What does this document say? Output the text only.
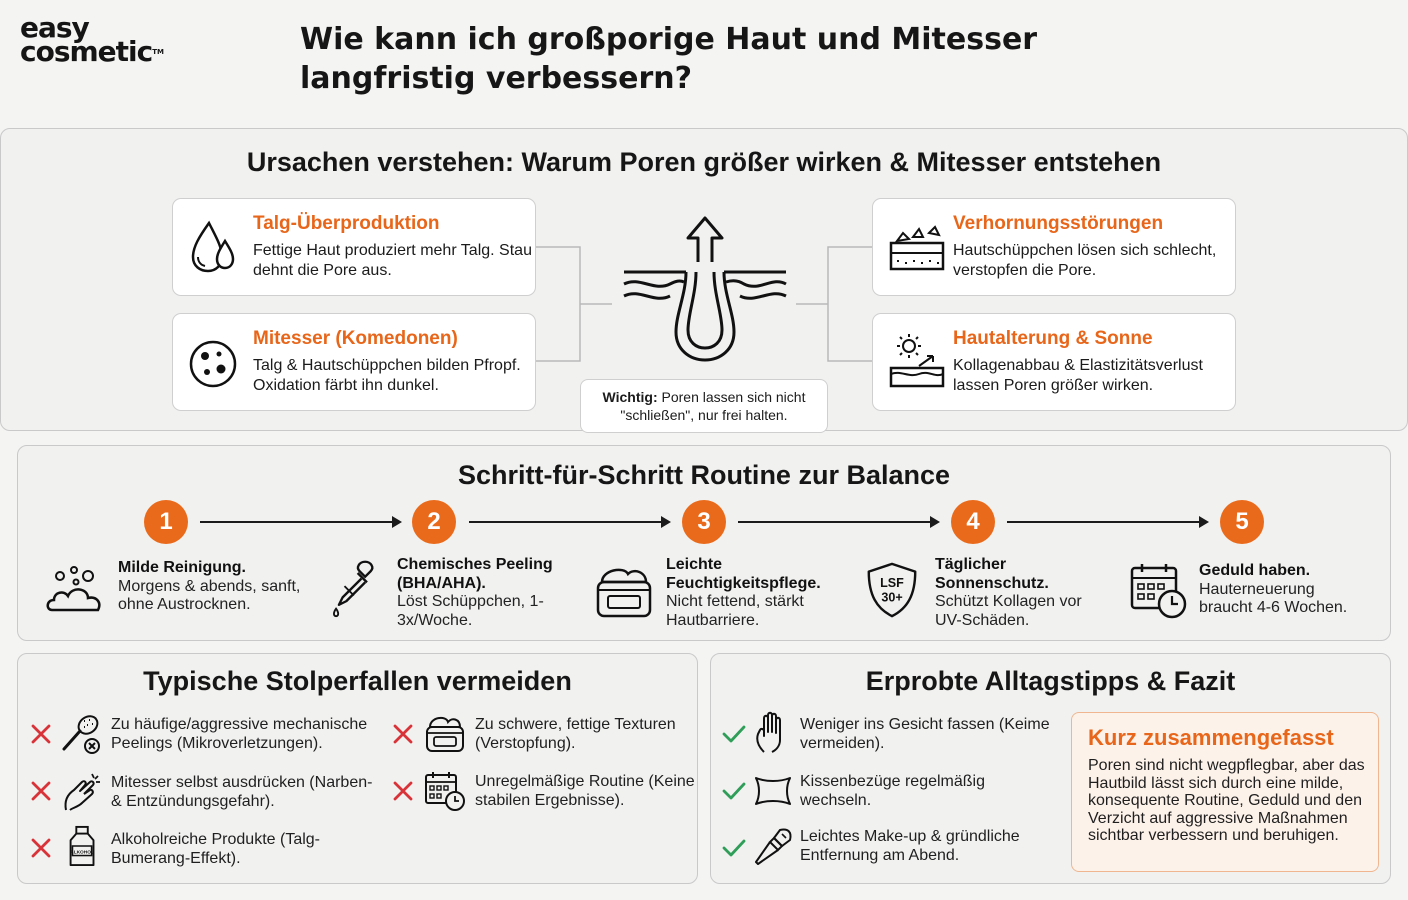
easy
cosmetic™	Wie kann ich großporige Haut und Mitesser langfristig verbessern?
Ursachen verstehen: Warum Poren größer wirken & Mitesser entstehen
Talg-Überproduktion
Fettige Haut produziert mehr Talg. Stau dehnt die Pore aus.
Mitesser (Komedonen)
Talg & Hautschüppchen bilden Pfropf. Oxidation färbt ihn dunkel.
Verhornungsstörungen
Hautschüppchen lösen sich schlecht, verstopfen die Pore.
Hautalterung & Sonne
Kollagenabbau & Elastizitätsverlust lassen Poren größer wirken.
Wichtig: Poren lassen sich nicht "schließen", nur frei halten.
Schritt-für-Schritt Routine zur Balance
1	2	3	4	5
Milde Reinigung.
Morgens & abends, sanft, ohne Austrocknen.
Chemisches Peeling (BHA/AHA).
Löst Schüppchen, 1-3x/Woche.
Leichte Feuchtigkeitspflege.
Nicht fettend, stärkt Hautbarriere.
LSF
30+
Täglicher Sonnenschutz.
Schützt Kollagen vor UV-Schäden.
Geduld haben.
Hauterneuerung braucht 4-6 Wochen.
Typische Stolperfallen vermeiden
Zu häufige/aggressive mechanische Peelings (Mikroverletzungen).
Mitesser selbst ausdrücken (Narben- & Entzündungsgefahr).
ALKOHOL
Alkoholreiche Produkte (Talg-Bumerang-Effekt).
Zu schwere, fettige Texturen (Verstopfung).
Unregelmäßige Routine (Keine stabilen Ergebnisse).
Erprobte Alltagstipps & Fazit
Weniger ins Gesicht fassen (Keime vermeiden).
Kissenbezüge regelmäßig wechseln.
Leichtes Make-up & gründliche Entfernung am Abend.
Kurz zusammengefasst
Poren sind nicht wegpflegbar, aber das Hautbild lässt sich durch eine milde, konsequente Routine, Geduld und den Verzicht auf aggressive Maßnahmen sichtbar verbessern und beruhigen.
